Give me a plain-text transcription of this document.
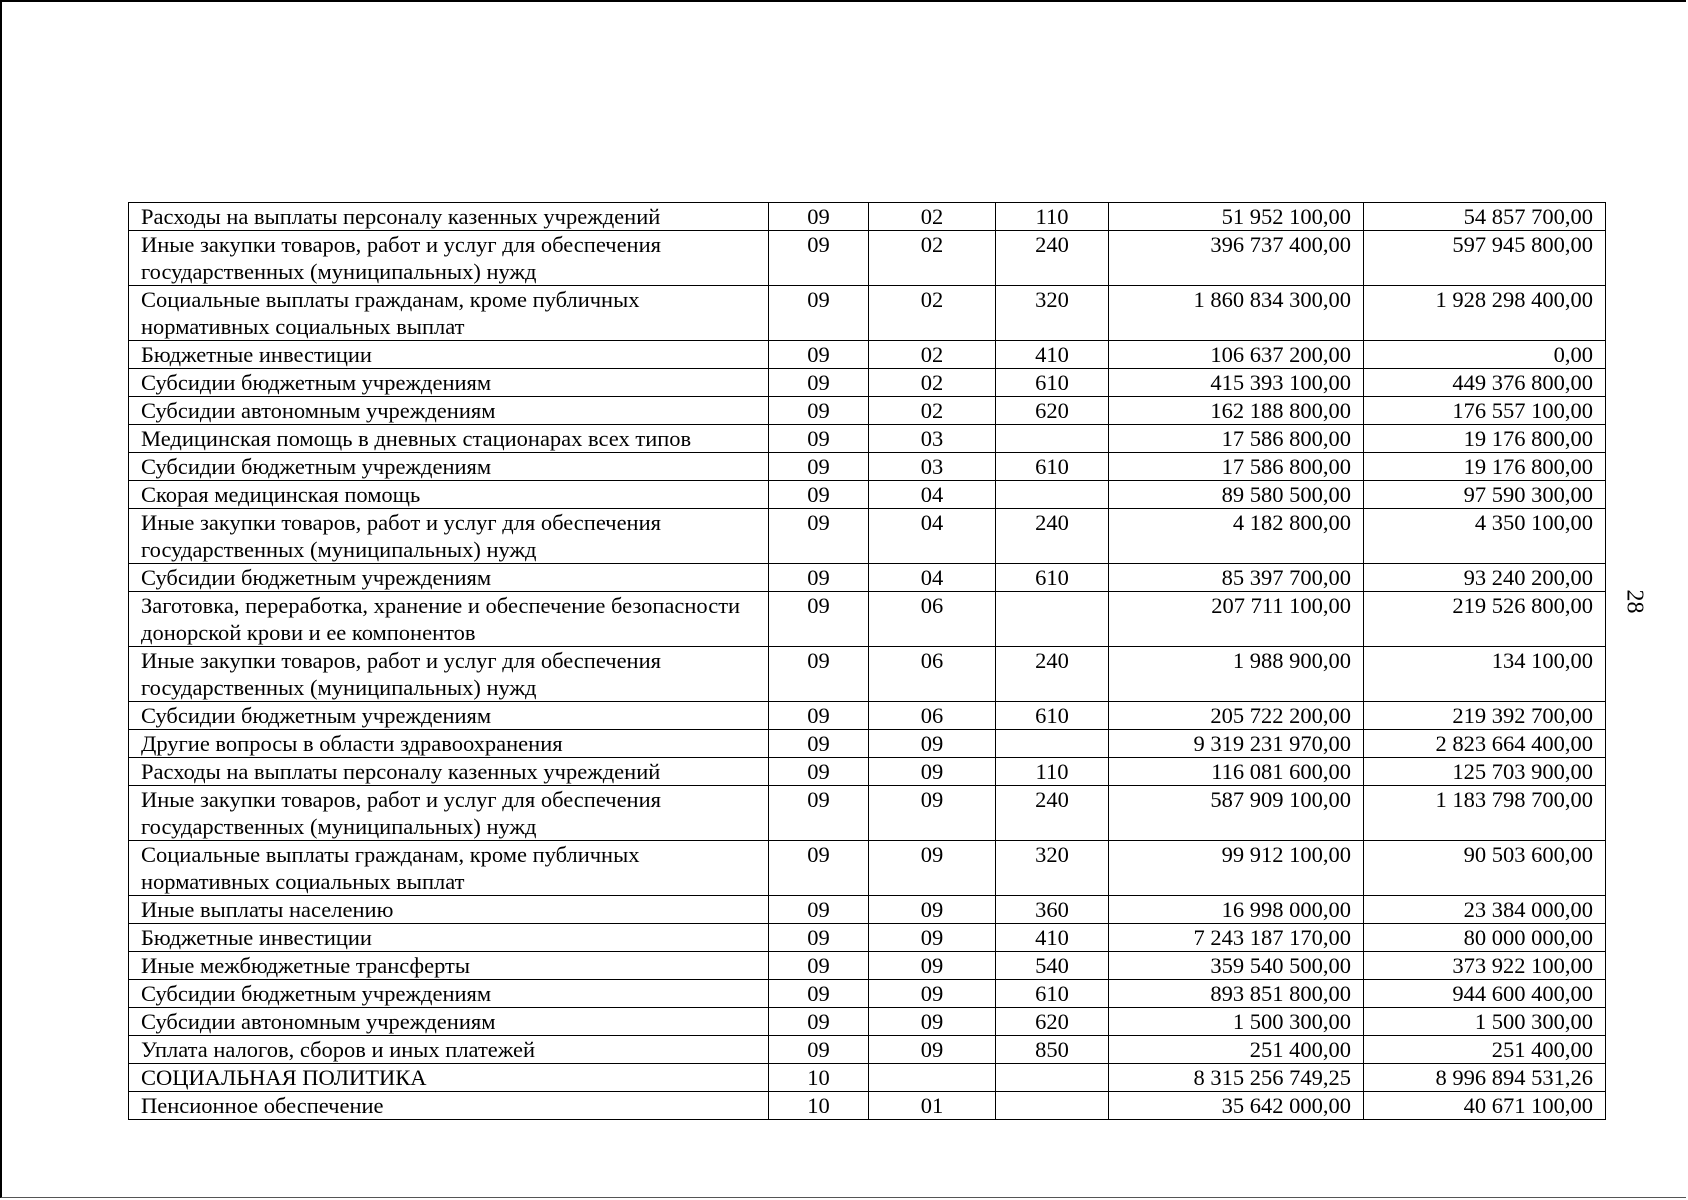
Расходы на выплаты персоналу казенных учреждений	09	02	110	51 952 100,00	54 857 700,00
Иные закупки товаров, работ и услуг для обеспечения государственных (муниципальных) нужд	09	02	240	396 737 400,00	597 945 800,00
Социальные выплаты гражданам, кроме публичных нормативных социальных выплат	09	02	320	1 860 834 300,00	1 928 298 400,00
Бюджетные инвестиции	09	02	410	106 637 200,00	0,00
Субсидии бюджетным учреждениям	09	02	610	415 393 100,00	449 376 800,00
Субсидии автономным учреждениям	09	02	620	162 188 800,00	176 557 100,00
Медицинская помощь в дневных стационарах всех типов	09	03		17 586 800,00	19 176 800,00
Субсидии бюджетным учреждениям	09	03	610	17 586 800,00	19 176 800,00
Скорая медицинская помощь	09	04		89 580 500,00	97 590 300,00
Иные закупки товаров, работ и услуг для обеспечения государственных (муниципальных) нужд	09	04	240	4 182 800,00	4 350 100,00
Субсидии бюджетным учреждениям	09	04	610	85 397 700,00	93 240 200,00
Заготовка, переработка, хранение и обеспечение безопасности донорской крови и ее компонентов	09	06		207 711 100,00	219 526 800,00
Иные закупки товаров, работ и услуг для обеспечения государственных (муниципальных) нужд	09	06	240	1 988 900,00	134 100,00
Субсидии бюджетным учреждениям	09	06	610	205 722 200,00	219 392 700,00
Другие вопросы в области здравоохранения	09	09		9 319 231 970,00	2 823 664 400,00
Расходы на выплаты персоналу казенных учреждений	09	09	110	116 081 600,00	125 703 900,00
Иные закупки товаров, работ и услуг для обеспечения государственных (муниципальных) нужд	09	09	240	587 909 100,00	1 183 798 700,00
Социальные выплаты гражданам, кроме публичных нормативных социальных выплат	09	09	320	99 912 100,00	90 503 600,00
Иные выплаты населению	09	09	360	16 998 000,00	23 384 000,00
Бюджетные инвестиции	09	09	410	7 243 187 170,00	80 000 000,00
Иные межбюджетные трансферты	09	09	540	359 540 500,00	373 922 100,00
Субсидии бюджетным учреждениям	09	09	610	893 851 800,00	944 600 400,00
Субсидии автономным учреждениям	09	09	620	1 500 300,00	1 500 300,00
Уплата налогов, сборов и иных платежей	09	09	850	251 400,00	251 400,00
СОЦИАЛЬНАЯ ПОЛИТИКА	10			8 315 256 749,25	8 996 894 531,26
Пенсионное обеспечение	10	01		35 642 000,00	40 671 100,00
28
